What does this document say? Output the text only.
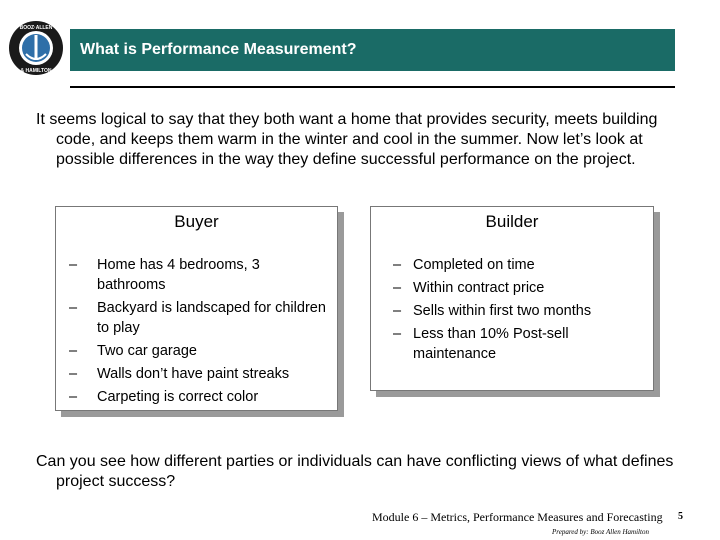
BOOZ·ALLEN
& HAMILTON
What is Performance Measurement?
It seems logical to say that they both want a home that provides security, meets building code, and keeps them warm in the winter and cool in the summer. Now let’s look at possible differences in the way they define successful performance on the project.
Buyer
– Home has 4 bedrooms, 3 bathrooms
– Backyard is landscaped for children to play
– Two car garage
– Walls don’t have paint streaks
– Carpeting is correct color
Builder
– Completed on time
– Within contract price
– Sells within first two months
– Less than 10% Post-sell maintenance
Can you see how different parties or individuals can have conflicting views of what defines project success?
Module 6 – Metrics, Performance Measures and Forecasting 5
Prepared by: Booz Allen Hamilton
